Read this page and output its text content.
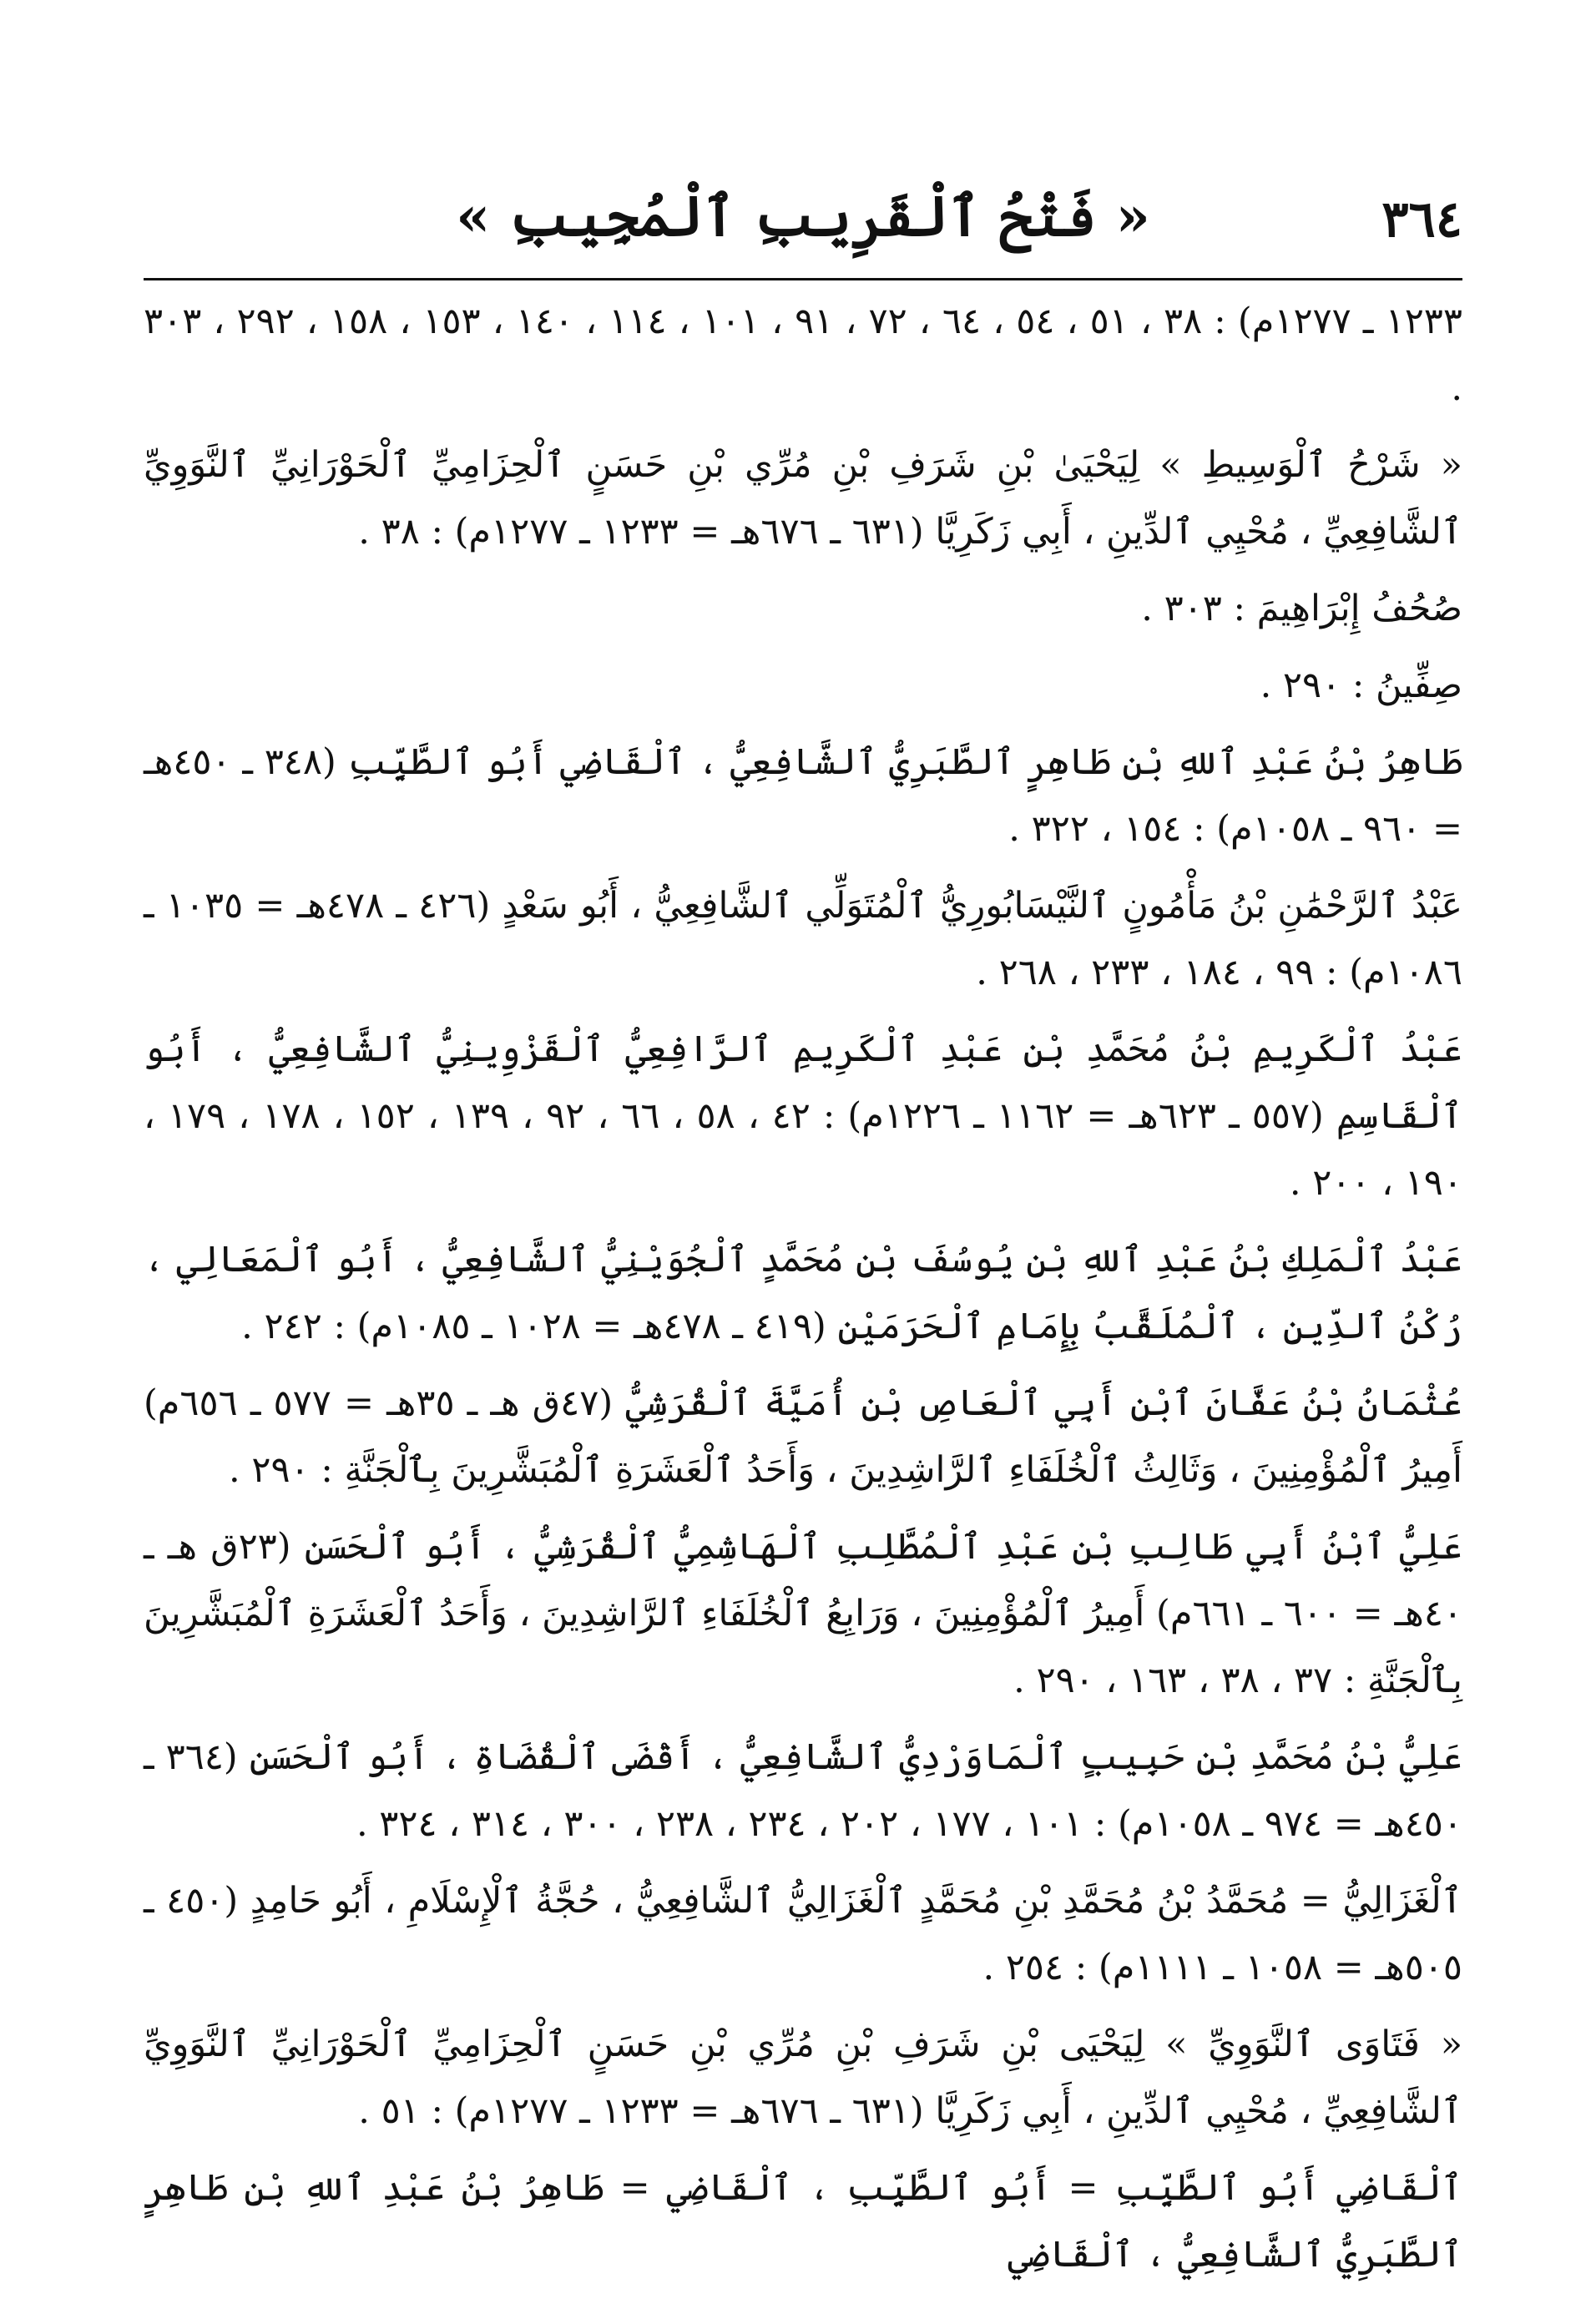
٣٦٤
« فَتْحُ ٱلْقَرِيبِ ٱلْمُجِيبِ »

١٢٣٣ ـ ١٢٧٧م) : ٣٨ ، ٥١ ، ٥٤ ، ٦٤ ، ٧٢ ، ٩١ ، ١٠١ ، ١١٤ ، ١٤٠ ، ١٥٣ ، ١٥٨ ، ٢٩٢ ، ٣٠٣ .

« شَرْحُ ٱلْوَسِيطِ » لِيَحْيَىٰ بْنِ شَرَفِ بْنِ مُرِّي بْنِ حَسَنٍ ٱلْحِزَامِيِّ ٱلْحَوْرَانِيِّ ٱلنَّوَوِيِّ ٱلشَّافِعِيِّ ، مُحْيِي ٱلدِّينِ ، أَبِي زَكَرِيَّا (٦٣١ ـ ٦٧٦هـ = ١٢٣٣ ـ ١٢٧٧م) : ٣٨ .

صُحُفُ إِبْرَاهِيمَ : ٣٠٣ .

صِفِّينُ : ٢٩٠ .

طَاهِرُ بْنُ عَبْدِ ٱللهِ بْنِ طَاهِرٍ ٱلطَّبَرِيُّ ٱلشَّافِعِيُّ ، ٱلْقَاضِي أَبُو ٱلطَّيِّبِ (٣٤٨ ـ ٤٥٠هـ = ٩٦٠ ـ ١٠٥٨م) : ١٥٤ ، ٣٢٢ .

عَبْدُ ٱلرَّحْمَٰنِ بْنُ مَأْمُونٍ ٱلنَّيْسَابُورِيُّ ٱلْمُتَوَلِّي ٱلشَّافِعِيُّ ، أَبُو سَعْدٍ (٤٢٦ ـ ٤٧٨هـ = ١٠٣٥ ـ ١٠٨٦م) : ٩٩ ، ١٨٤ ، ٢٣٣ ، ٢٦٨ .

عَبْدُ ٱلْكَرِيمِ بْنُ مُحَمَّدِ بْنِ عَبْدِ ٱلْكَرِيمِ ٱلرَّافِعِيُّ ٱلْقَزْوِينِيُّ ٱلشَّافِعِيُّ ، أَبُو ٱلْقَاسِمِ (٥٥٧ ـ ٦٢٣هـ = ١١٦٢ ـ ١٢٢٦م) : ٤٢ ، ٥٨ ، ٦٦ ، ٩٢ ، ١٣٩ ، ١٥٢ ، ١٧٨ ، ١٧٩ ، ١٩٠ ، ٢٠٠ .

عَبْدُ ٱلْمَلِكِ بْنُ عَبْدِ ٱللهِ بْنِ يُوسُفَ بْنِ مُحَمَّدٍ ٱلْجُوَيْنِيُّ ٱلشَّافِعِيُّ ، أَبُو ٱلْمَعَالِي ، رُكْنُ ٱلدِّينِ ، ٱلْمُلَقَّبُ بِإِمَامِ ٱلْحَرَمَيْنِ (٤١٩ ـ ٤٧٨هـ = ١٠٢٨ ـ ١٠٨٥م) : ٢٤٢ .

عُثْمَانُ بْنُ عَفَّانَ ٱبْنِ أَبِي ٱلْعَاصِ بْنِ أُمَيَّةَ ٱلْقُرَشِيُّ (٤٧ق هـ ـ ٣٥هـ = ٥٧٧ ـ ٦٥٦م) أَمِيرُ ٱلْمُؤْمِنِينَ ، وَثَالِثُ ٱلْخُلَفَاءِ ٱلرَّاشِدِينَ ، وَأَحَدُ ٱلْعَشَرَةِ ٱلْمُبَشَّرِينَ بِٱلْجَنَّةِ : ٢٩٠ .

عَلِيُّ ٱبْنُ أَبِي طَالِبِ بْنِ عَبْدِ ٱلْمُطَّلِبِ ٱلْهَاشِمِيُّ ٱلْقُرَشِيُّ ، أَبُو ٱلْحَسَنِ (٢٣ق هـ ـ ٤٠هـ = ٦٠٠ ـ ٦٦١م) أَمِيرُ ٱلْمُؤْمِنِينَ ، وَرَابِعُ ٱلْخُلَفَاءِ ٱلرَّاشِدِينَ ، وَأَحَدُ ٱلْعَشَرَةِ ٱلْمُبَشَّرِينَ بِٱلْجَنَّةِ : ٣٧ ، ٣٨ ، ١٦٣ ، ٢٩٠ .

عَلِيُّ بْنُ مُحَمَّدِ بْنِ حَبِيبٍ ٱلْمَاوَرْدِيُّ ٱلشَّافِعِيُّ ، أَقْضَى ٱلْقُضَاةِ ، أَبُو ٱلْحَسَنِ (٣٦٤ ـ ٤٥٠هـ = ٩٧٤ ـ ١٠٥٨م) : ١٠١ ، ١٧٧ ، ٢٠٢ ، ٢٣٤ ، ٢٣٨ ، ٣٠٠ ، ٣١٤ ، ٣٢٤ .

ٱلْغَزَالِيُّ = مُحَمَّدُ بْنُ مُحَمَّدِ بْنِ مُحَمَّدٍ ٱلْغَزَالِيُّ ٱلشَّافِعِيُّ ، حُجَّةُ ٱلْإِسْلَامِ ، أَبُو حَامِدٍ (٤٥٠ ـ ٥٠٥هـ = ١٠٥٨ ـ ١١١١م) : ٢٥٤ .

« فَتَاوَى ٱلنَّوَوِيِّ » لِيَحْيَى بْنِ شَرَفِ بْنِ مُرِّي بْنِ حَسَنٍ ٱلْحِزَامِيِّ ٱلْحَوْرَانِيِّ ٱلنَّوَوِيِّ ٱلشَّافِعِيِّ ، مُحْيِي ٱلدِّينِ ، أَبِي زَكَرِيَّا (٦٣١ ـ ٦٧٦هـ = ١٢٣٣ ـ ١٢٧٧م) : ٥١ .

ٱلْقَاضِي أَبُو ٱلطَّيِّبِ = أَبُو ٱلطَّيِّبِ ، ٱلْقَاضِي = طَاهِرُ بْنُ عَبْدِ ٱللهِ بْنِ طَاهِرٍ ٱلطَّبَرِيُّ ٱلشَّافِعِيُّ ، ٱلْقَاضِي
